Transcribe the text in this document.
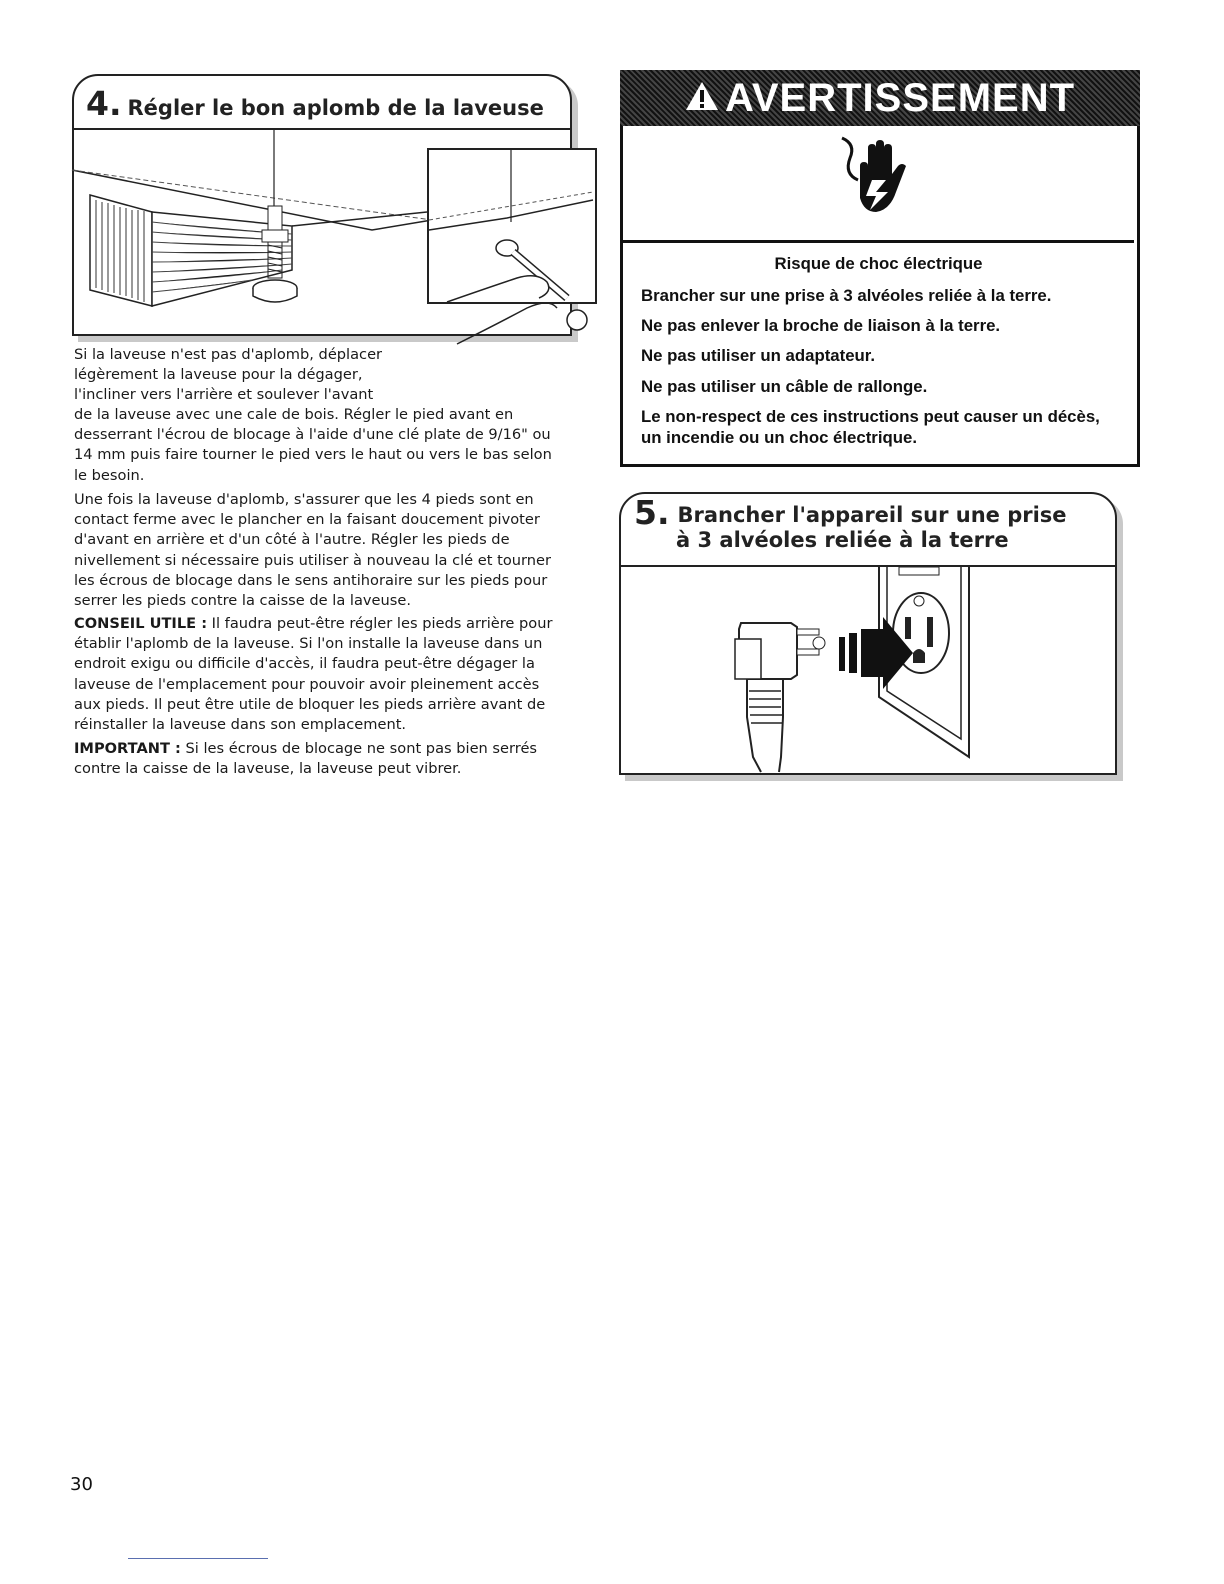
4. Régler le bon aplomb de la laveuse
Si la laveuse n'est pas d'aplomb, déplacer légèrement la laveuse pour la dégager, l'incliner vers l'arrière et soulever l'avant
de la laveuse avec une cale de bois. Régler le pied avant en desserrant l'écrou de blocage à l'aide d'une clé plate de 9/16" ou 14 mm puis faire tourner le pied vers le haut ou vers le bas selon le besoin.
Une fois la laveuse d'aplomb, s'assurer que les 4 pieds sont en contact ferme avec le plancher en la faisant doucement pivoter d'avant en arrière et d'un côté à l'autre. Régler les pieds de nivellement si nécessaire puis utiliser à nouveau la clé et tourner les écrous de blocage dans le sens antihoraire sur les pieds pour serrer les pieds contre la caisse de la laveuse.
CONSEIL UTILE : Il faudra peut-être régler les pieds arrière pour établir l'aplomb de la laveuse. Si l'on installe la laveuse dans un endroit exigu ou difficile d'accès, il faudra peut-être dégager la laveuse de l'emplacement pour pouvoir avoir pleinement accès aux pieds. Il peut être utile de bloquer les pieds arrière avant de réinstaller la laveuse dans son emplacement.
IMPORTANT : Si les écrous de blocage ne sont pas bien serrés contre la caisse de la laveuse, la laveuse peut vibrer.
AVERTISSEMENT
Risque de choc électrique
Brancher sur une prise à 3 alvéoles reliée à la terre.
Ne pas enlever la broche de liaison à la terre.
Ne pas utiliser un adaptateur.
Ne pas utiliser un câble de rallonge.
Le non-respect de ces instructions peut causer un décès, un incendie ou un choc électrique.
5. Brancher l'appareil sur une prise
à 3 alvéoles reliée à la terre
30
